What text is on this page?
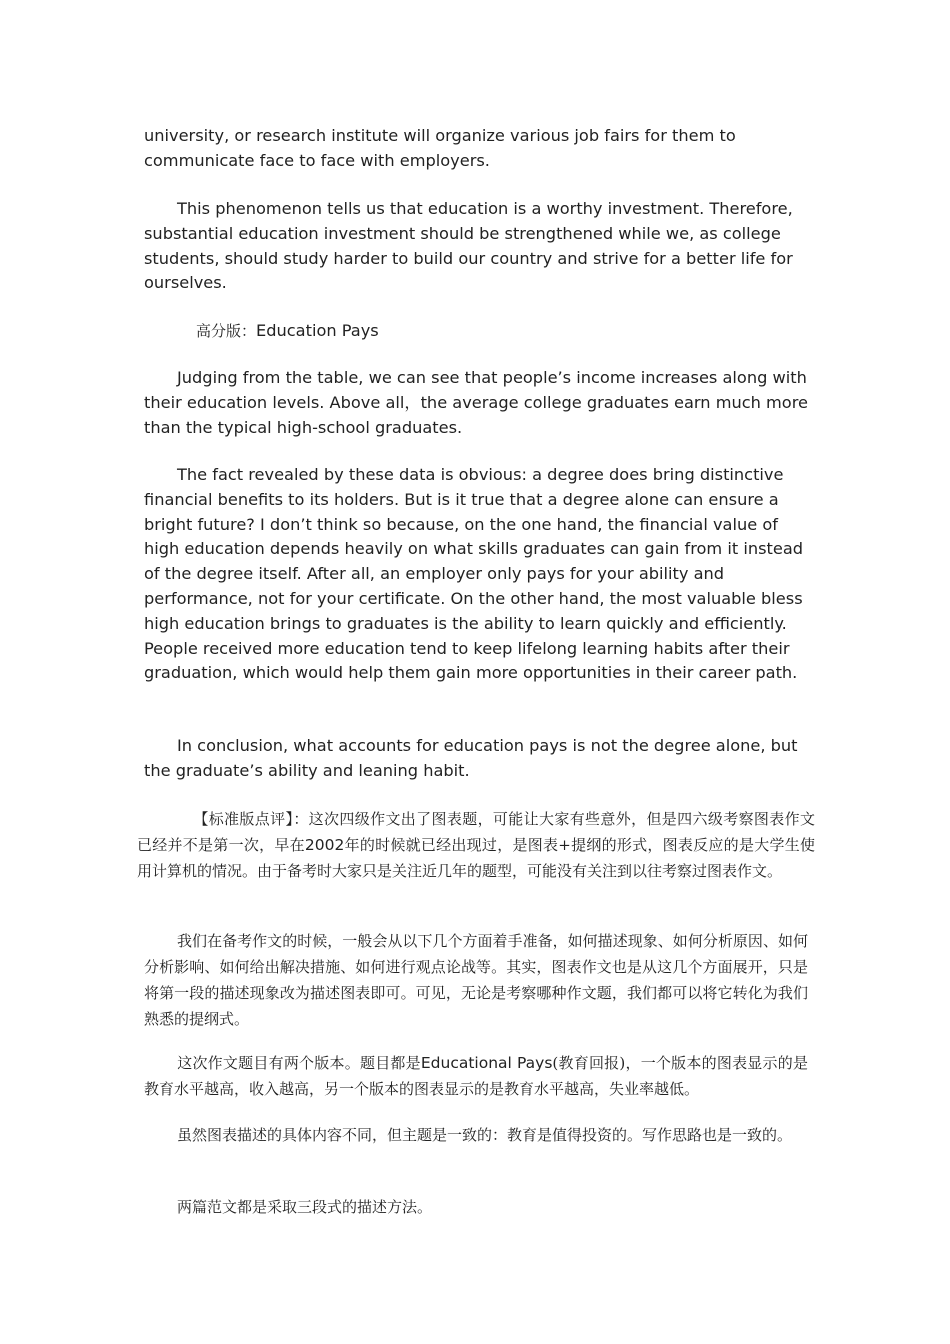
university, or research institute will organize various job fairs for them to communicate face to face with employers.

This phenomenon tells us that education is a worthy investment. Therefore, substantial education investment should be strengthened while we, as college students, should study harder to build our country and strive for a better life for ourselves.

高分版：Education Pays

Judging from the table, we can see that people’s income increases along with their education levels. Above all，the average college graduates earn much more than the typical high-school graduates.

The fact revealed by these data is obvious: a degree does bring distinctive financial benefits to its holders. But is it true that a degree alone can ensure a bright future? I don’t think so because, on the one hand, the financial value of high education depends heavily on what skills graduates can gain from it instead of the degree itself. After all, an employer only pays for your ability and performance, not for your certificate. On the other hand, the most valuable bless high education brings to graduates is the ability to learn quickly and efficiently. People received more education tend to keep lifelong learning habits after their graduation, which would help them gain more opportunities in their career path.

In conclusion, what accounts for education pays is not the degree alone, but the graduate’s ability and leaning habit.

【标准版点评】：这次四级作文出了图表题，可能让大家有些意外，但是四六级考察图表作文已经并不是第一次，早在2002年的时候就已经出现过，是图表+提纲的形式，图表反应的是大学生使用计算机的情况。由于备考时大家只是关注近几年的题型，可能没有关注到以往考察过图表作文。

我们在备考作文的时候，一般会从以下几个方面着手准备，如何描述现象、如何分析原因、如何分析影响、如何给出解决措施、如何进行观点论战等。其实，图表作文也是从这几个方面展开，只是将第一段的描述现象改为描述图表即可。可见，无论是考察哪种作文题，我们都可以将它转化为我们熟悉的提纲式。

这次作文题目有两个版本。题目都是Educational Pays(教育回报)，一个版本的图表显示的是教育水平越高，收入越高，另一个版本的图表显示的是教育水平越高，失业率越低。

虽然图表描述的具体内容不同，但主题是一致的：教育是值得投资的。写作思路也是一致的。

两篇范文都是采取三段式的描述方法。
